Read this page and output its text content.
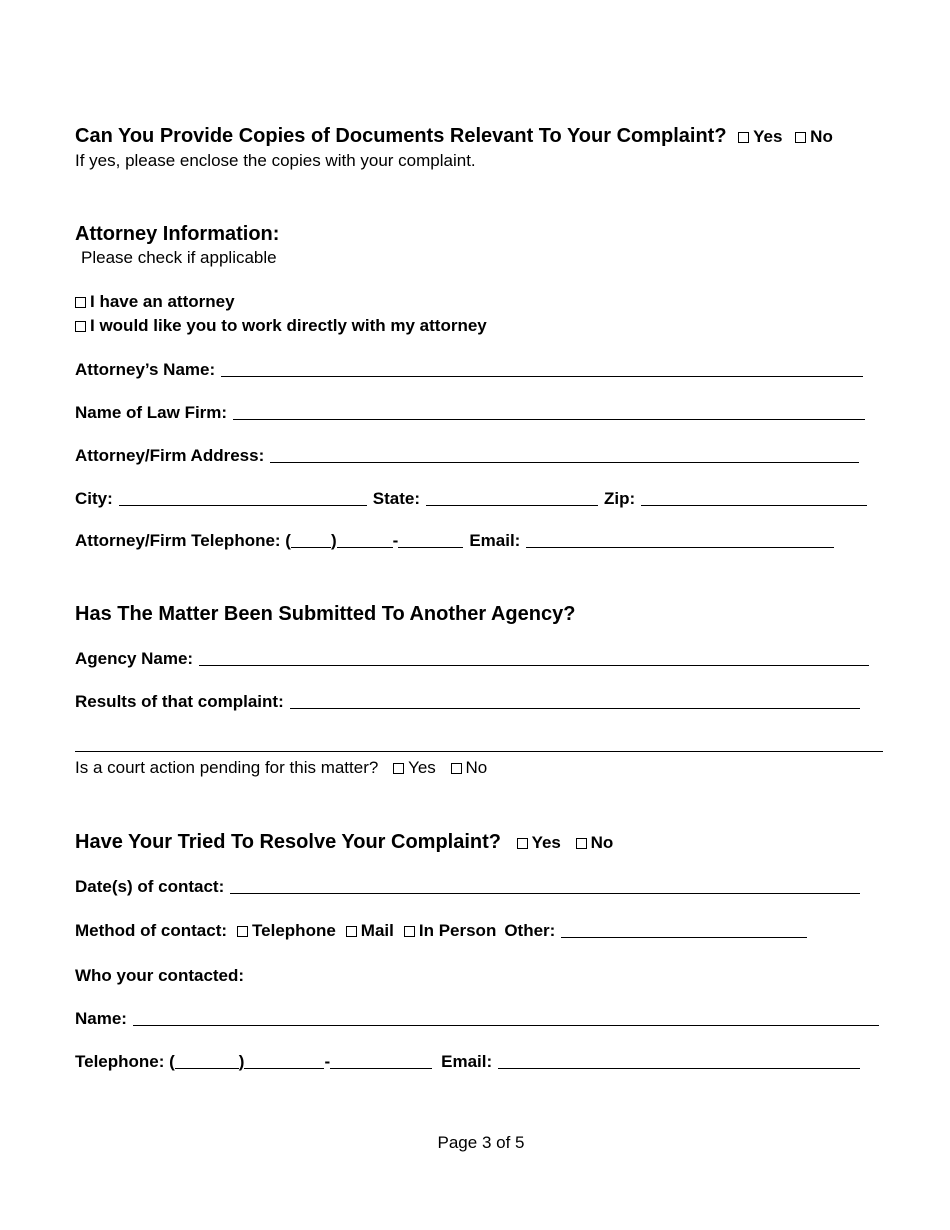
Can You Provide Copies of Documents Relevant To Your Complaint? Yes No
If yes, please enclose the copies with your complaint.
Attorney Information:
Please check if applicable
I have an attorney
I would like you to work directly with my attorney
Attorney’s Name:
Name of Law Firm:
Attorney/Firm Address:
City:	State:	Zip:
Attorney/Firm Telephone: ( )	-	Email:
Has The Matter Been Submitted To Another Agency?
Agency Name:
Results of that complaint:
Is a court action pending for this matter? Yes No
Have Your Tried To Resolve Your Complaint? Yes No
Date(s) of contact:
Method of contact:	Telephone	Mail	In Person Other:
Who your contacted:
Name:
Telephone: (	)	-	Email:
Page 3 of 5
